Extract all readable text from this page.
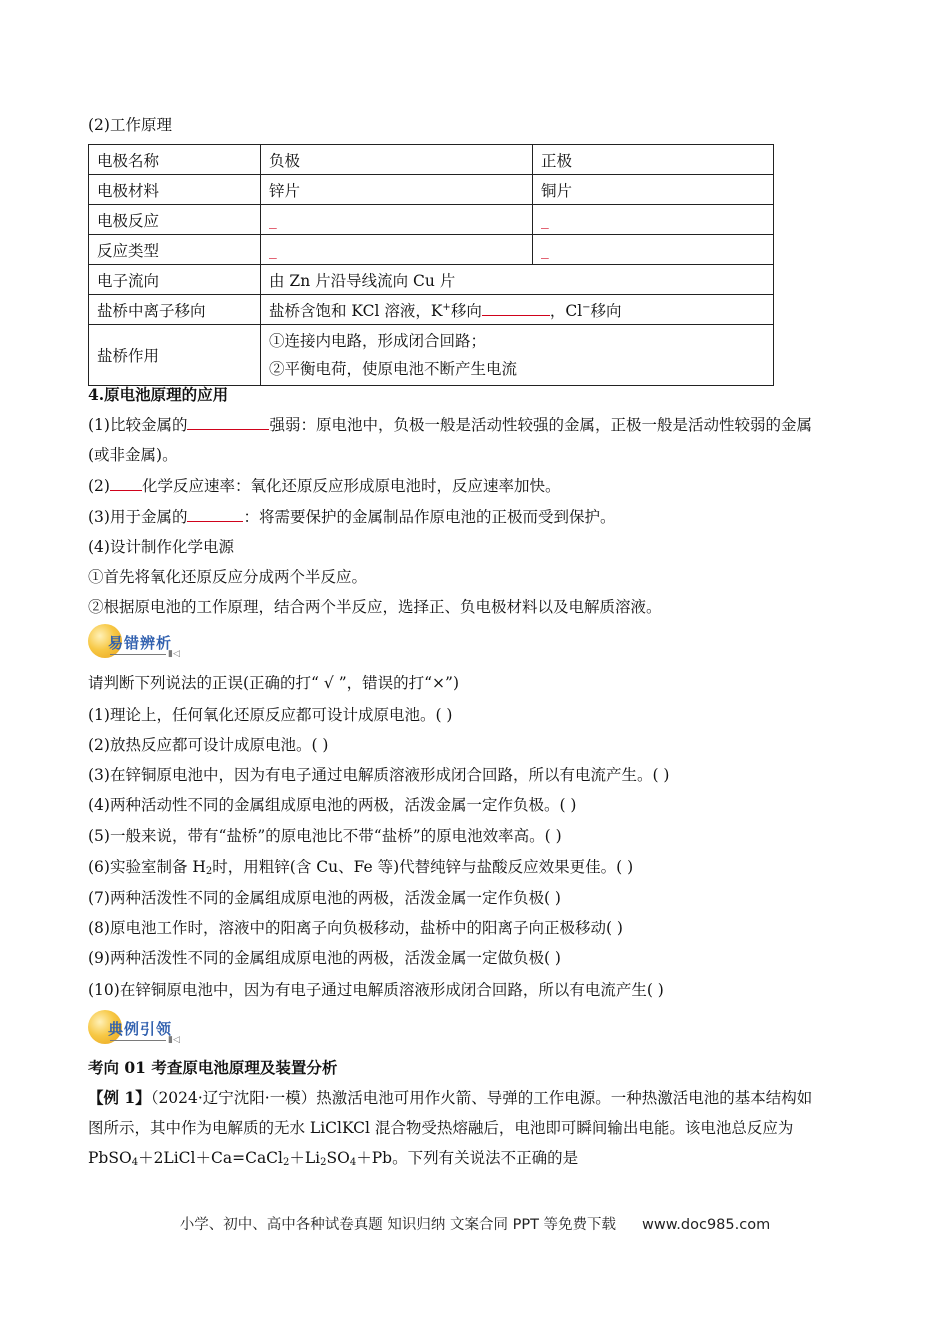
(2)工作原理
电极名称	负极	正极
电极材料	锌片	铜片
电极反应	_	_
反应类型	_	_
电子流向	由 Zn 片沿导线流向 Cu 片	
盐桥中离子移向	盐桥含饱和 KCl 溶液，K+移向 ，Cl−移向	
盐桥作用	①连接内电路，形成闭合回路；
②平衡电荷，使原电池不断产生电流	
4.原电池原理的应用
(1)比较金属的	强弱：原电池中，负极一般是活动性较强的金属，正极一般是活动性较弱的金属
(或非金属)。
(2) 化学反应速率：氧化还原反应形成原电池时，反应速率加快。
(3)用于金属的	：将需要保护的金属制品作原电池的正极而受到保护。
(4)设计制作化学电源
①首先将氧化还原反应分成两个半反应。
②根据原电池的工作原理，结合两个半反应，选择正、负电极材料以及电解质溶液。
易错辨析
▮◁
请判断下列说法的正误(正确的打“ √ ”，错误的打“×”)
(1)理论上，任何氧化还原反应都可设计成原电池。( )
(2)放热反应都可设计成原电池。( )
(3)在锌铜原电池中，因为有电子通过电解质溶液形成闭合回路，所以有电流产生。( )
(4)两种活动性不同的金属组成原电池的两极，活泼金属一定作负极。( )
(5)一般来说，带有“盐桥”的原电池比不带“盐桥”的原电池效率高。( )
(6)实验室制备 $H_2$时，用粗锌(含 Cu、Fe 等)代替纯锌与盐酸反应效果更佳。( )
(7)两种活泼性不同的金属组成原电池的两极，活泼金属一定作负极( )
(8)原电池工作时，溶液中的阳离子向负极移动，盐桥中的阳离子向正极移动( )
(9)两种活泼性不同的金属组成原电池的两极，活泼金属一定做负极( )
(10)在锌铜原电池中，因为有电子通过电解质溶液形成闭合回路，所以有电流产生( )
典例引领
▮◁
考向 01 考查原电池原理及装置分析
【例 1】（2024·辽宁沈阳·一模）热激活电池可用作火箭、导弹的工作电源。一种热激活电池的基本结构如
图所示，其中作为电解质的无水 LiClKCl 混合物受热熔融后，电池即可瞬间输出电能。该电池总反应为
$PbSO_4+2LiCl+Ca=CaCl_2+Li_2SO_4+Pb$。下列有关说法不正确的是
小学、初中、高中各种试卷真题 知识归纳 文案合同 PPT 等免费下载 www.doc985.com
